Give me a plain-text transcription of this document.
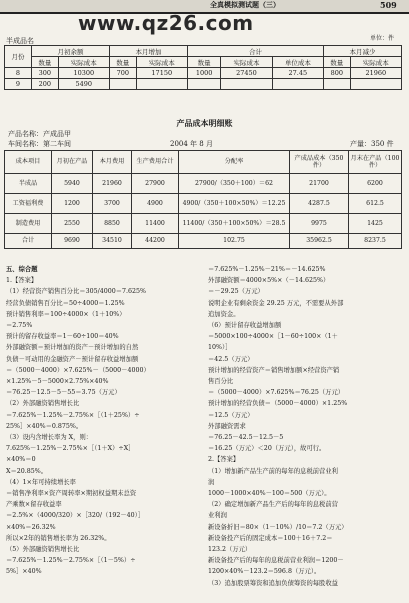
全真模拟测试题（三）	509
www.qz26.com
单位：件
半成品名
月份	月初余额		本月增加		合计			本月减少	
	数量	实际成本	数量	实际成本	数量	实际成本	单位成本	数量	实际成本
8	300	10300	700	17150	1000	27450	27.45	800	21960
9	200	5490							
产品成本明细账
产品名称：产成品甲
车间名称：第二车间	2004 年 8 月	产量：350 件
成本项目	月初在产品	本月费用	生产费用合计	分配率	产成品成本（350件）	月末在产品（100件）
半成品	5940	21960	27900	27900/（350＋100）＝62	21700	6200
工资福利费	1200	3700	4900	4900/（350＋100×50%）＝12.25	4287.5	612.5
制造费用	2550	8850	11400	11400/（350＋100×50%）＝28.5	9975	1425
合计	9690	34510	44200	102.75	35962.5	8237.5

五、综合题

1.【答案】

（1）经营资产销售百分比＝305/4000＝7.625%

经营负债销售百分比＝50÷4000＝1.25%

预计销售利率＝100÷4000×（1＋10%）

＝2.75%

预计的留存收益率＝1－60÷100＝40%

外部融资额＝预计增加的资产－预计增加的自然

负债－可动用的金融资产－预计留存收益增加额

＝（5000－4000）×7.625%－（5000－4000）

×1.25%－5－5000×2.75%×40%

＝76.25－12.5－5－55＝3.75（万元）

（2）外部融资销售增长比

＝7.625%－1.25%－2.75%×［（1＋25%）÷

25%］×40%＝0.875%。

（3）设内含增长率为 X，则：

7.625%－1.25%－2.75%×［（1＋X）÷X］

×40%＝0

X＝20.85%。

（4）1×年可持续增长率

＝销售净利率×资产周转率×期初权益期末总资

产乘数×留存收益率

＝2.5%×（4000/320）×［320/（192－40）］

×40%＝26.32%

所以×2年的销售增长率为 26.32%。

（5）外部融资销售增长比

＝7.625%－1.25%－2.75%×［（1－5%）÷

5%］×40%

＝7.625%－1.25%－21%＝－14.625%

外部融资额＝4000×5%×（－14.625%）

＝－29.25（万元）

说明企业有剩余资金 29.25 万元，不需要从外部

追加资金。

（6）预计留存收益增加额

＝5000×100÷4000×［1－60÷100×（1＋

10%）］

＝42.5（万元）

预计增加的经营资产＝销售增加额×经营资产销

售百分比

＝（5000－4000）×7.625%＝76.25（万元）

预计增加的经营负债＝（5000－4000）×1.25%

＝12.5（万元）

外部融资需求

＝76.25－42.5－12.5－5

＝16.25（万元）＜20（万元），故可行。

2.【答案】

（1）增加新产品生产前的每年的息税前营业利

润

1000－1000×40%－100＝500（万元）。

（2）确定增加新产品生产后的每年的息税前营

业利润

新设备折旧＝80×（1－10%）/10＝7.2（万元）

新设备投产后的固定成本＝100＋16＋7.2＝

123.2（万元）

新设备投产后的每年的息税前营业利润＝1200－

1200×40%－123.2＝596.8（万元）。

（3）追加股票筹资和追加负债筹资的每股收益
